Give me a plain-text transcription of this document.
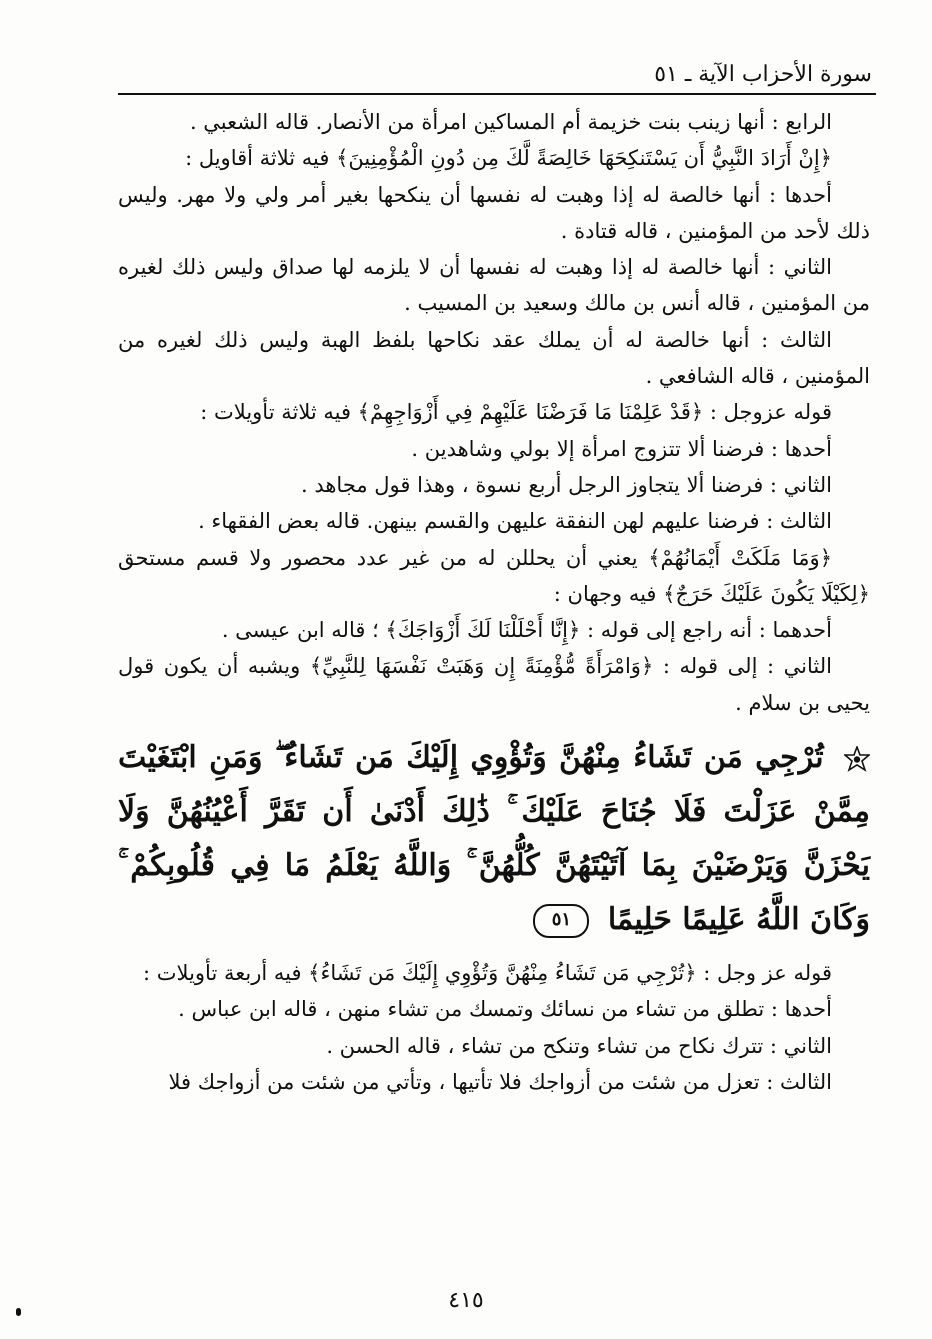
سورة الأحزاب الآية ـ ٥١

الرابع : أنها زينب بنت خزيمة أم المساكين امرأة من الأنصار. قاله الشعبي .

﴿إِنْ أَرَادَ النَّبِيُّ أَن يَسْتَنكِحَهَا خَالِصَةً لَّكَ مِن دُونِ الْمُؤْمِنِينَ﴾ فيه ثلاثة أقاويل :

أحدها : أنها خالصة له إذا وهبت له نفسها أن ينكحها بغير أمر ولي ولا مهر. وليس ذلك لأحد من المؤمنين ، قاله قتادة .

الثاني : أنها خالصة له إذا وهبت له نفسها أن لا يلزمه لها صداق وليس ذلك لغيره من المؤمنين ، قاله أنس بن مالك وسعيد بن المسيب .

الثالث : أنها خالصة له أن يملك عقد نكاحها بلفظ الهبة وليس ذلك لغيره من المؤمنين ، قاله الشافعي .

قوله عزوجل : ﴿قَدْ عَلِمْنَا مَا فَرَضْنَا عَلَيْهِمْ فِي أَزْوَاجِهِمْ﴾ فيه ثلاثة تأويلات :

أحدها : فرضنا ألا تتزوج امرأة إلا بولي وشاهدين .

الثاني : فرضنا ألا يتجاوز الرجل أربع نسوة ، وهذا قول مجاهد .

الثالث : فرضنا عليهم لهن النفقة عليهن والقسم بينهن. قاله بعض الفقهاء .

﴿وَمَا مَلَكَتْ أَيْمَانُهُمْ﴾ يعني أن يحللن له من غير عدد محصور ولا قسم مستحق ﴿لِكَيْلَا يَكُونَ عَلَيْكَ حَرَجٌ﴾ فيه وجهان :

أحدهما : أنه راجع إلى قوله : ﴿إِنَّا أَحْلَلْنَا لَكَ أَزْوَاجَكَ﴾ ؛ قاله ابن عيسى .

الثاني : إلى قوله : ﴿وَامْرَأَةً مُّؤْمِنَةً إِن وَهَبَتْ نَفْسَهَا لِلنَّبِيِّ﴾ ويشبه أن يكون قول يحيى بن سلام .

تُرْجِي مَن تَشَاءُ مِنْهُنَّ وَتُؤْوِي إِلَيْكَ مَن تَشَاءُ ۖ وَمَنِ ابْتَغَيْتَ مِمَّنْ عَزَلْتَ فَلَا جُنَاحَ عَلَيْكَ ۚ ذَٰلِكَ أَدْنَىٰ أَن تَقَرَّ أَعْيُنُهُنَّ وَلَا يَحْزَنَّ وَيَرْضَيْنَ بِمَا آتَيْتَهُنَّ كُلُّهُنَّ ۚ وَاللَّهُ يَعْلَمُ مَا فِي قُلُوبِكُمْ ۚ وَكَانَ اللَّهُ عَلِيمًا حَلِيمًا ٥١

قوله عز وجل : ﴿تُرْجِي مَن تَشَاءُ مِنْهُنَّ وَتُؤْوِي إِلَيْكَ مَن تَشَاءُ﴾ فيه أربعة تأويلات :

أحدها : تطلق من تشاء من نسائك وتمسك من تشاء منهن ، قاله ابن عباس .

الثاني : تترك نكاح من تشاء وتنكح من تشاء ، قاله الحسن .

الثالث : تعزل من شئت من أزواجك فلا تأتيها ، وتأتي من شئت من أزواجك فلا

٤١٥
